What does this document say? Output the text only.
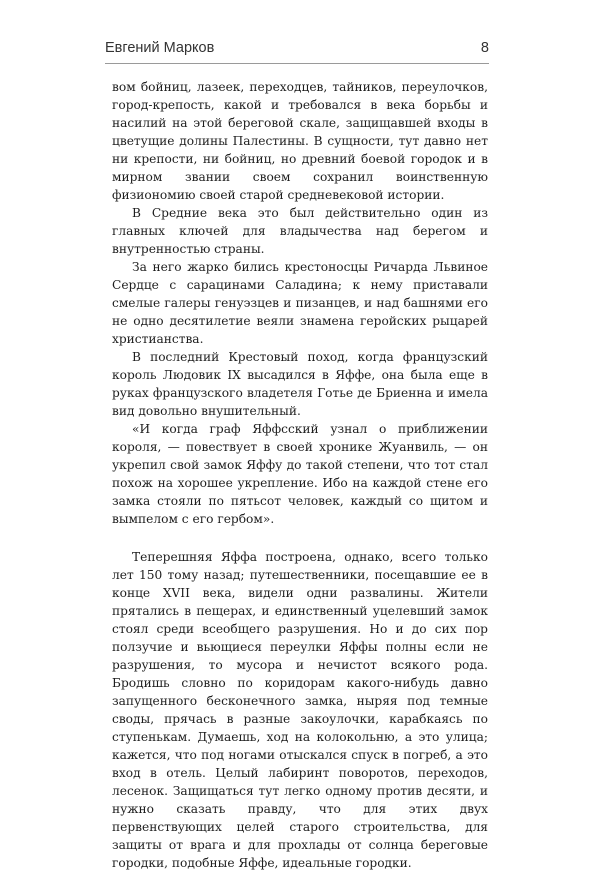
Евгений Марков	8

вом бойниц, лазеек, переходцев, тайников, переулочков, город-крепость, какой и требовался в века борьбы и насилий на этой береговой скале, защищавшей входы в цветущие долины Палестины. В сущности, тут давно нет ни крепости, ни бойниц, но древний боевой городок и в мирном звании своем сохранил воинственную физиономию своей старой средневековой истории.

В Средние века это был действительно один из главных ключей для владычества над берегом и внутренностью страны.

За него жарко бились крестоносцы Ричарда Львиное Сердце с сарацинами Саладина; к нему приставали смелые галеры генуэзцев и пизанцев, и над башнями его не одно десятилетие веяли знамена геройских рыцарей христианства.

В последний Крестовый поход, когда французский король Людовик IX высадился в Яффе, она была еще в руках французского владетеля Готье де Бриенна и имела вид довольно внушительный.

«И когда граф Яффсский узнал о приближении короля, — повествует в своей хронике Жуанвиль, — он укрепил свой замок Яффу до такой степени, что тот стал похож на хорошее укрепление. Ибо на каждой стене его замка стояли по пятьсот человек, каждый со щитом и вымпелом с его гербом».

Теперешняя Яффа построена, однако, всего только лет 150 тому назад; путешественники, посещавшие ее в конце XVII века, видели одни развалины. Жители прятались в пещерах, и единственный уцелевший замок стоял среди всеобщего разрушения. Но и до сих пор ползучие и вьющиеся переулки Яффы полны если не разрушения, то мусора и нечистот всякого рода. Бродишь словно по коридорам какого-нибудь давно запущенного бесконечного замка, ныряя под темные своды, прячась в разные закоулочки, карабкаясь по ступенькам. Думаешь, ход на колокольню, а это улица; кажется, что под ногами отыскался спуск в погреб, а это вход в отель. Целый лабиринт поворотов, переходов, лесенок. Защищаться тут легко одному против десяти, и нужно сказать правду, что для этих двух первенствующих целей старого строительства, для защиты от врага и для прохлады от солнца береговые городки, подобные Яффе, идеальные городки.
